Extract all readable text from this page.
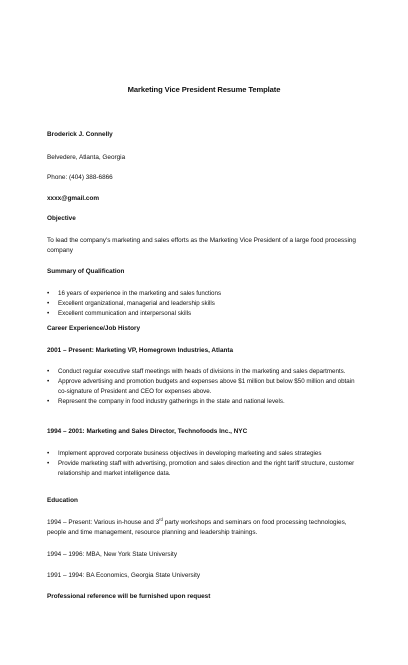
Marketing Vice President Resume Template
Broderick J. Connelly
Belvedere, Atlanta, Georgia
Phone: (404) 388-6866
xxxx@gmail.com
Objective
To lead the company's marketing and sales efforts as the Marketing Vice President of a large food processing company
Summary of Qualification
• 16 years of experience in the marketing and sales functions
• Excellent organizational, managerial and leadership skills
• Excellent communication and interpersonal skills
Career Experience/Job History
2001 – Present: Marketing VP, Homegrown Industries, Atlanta
• Conduct regular executive staff meetings with heads of divisions in the marketing and sales departments.
• Approve advertising and promotion budgets and expenses above $1 million but below $50 million and obtain co-signature of President and CEO for expenses above.
• Represent the company in food industry gatherings in the state and national levels.
1994 – 2001: Marketing and Sales Director, Technofoods Inc., NYC
• Implement approved corporate business objectives in developing marketing and sales strategies
• Provide marketing staff with advertising, promotion and sales direction and the right tariff structure, customer relationship and market intelligence data.
Education
1994 – Present: Various in-house and 3rd party workshops and seminars on food processing technologies, people and time management, resource planning and leadership trainings.
1994 – 1996: MBA, New York State University
1991 – 1994: BA Economics, Georgia State University
Professional reference will be furnished upon request
